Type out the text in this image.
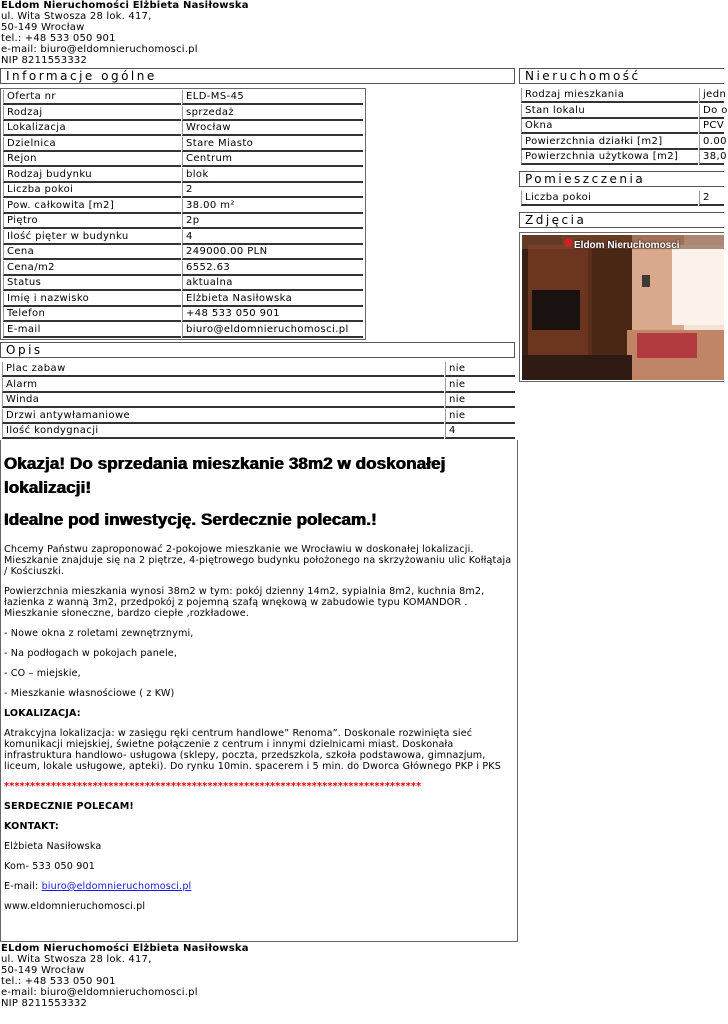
ELdom Nieruchomości Elżbieta Nasiłowska
ul. Wita Stwosza 28 lok. 417,
50-149 Wrocław
tel.: +48 533 050 901
e-mail: biuro@eldomnieruchomosci.pl
NIP 8211553332
Informacje ogólne	Nieruchomość
Pomieszczenia
Zdjęcia
Opis
Oferta nr	ELD-MS-45
Rodzaj	sprzedaż
Lokalizacja	Wrocław
Dzielnica	Stare Miasto
Rejon	Centrum
Rodzaj budynku	blok
Liczba pokoi	2
Pow. całkowita [m2]	38.00 m²
Piętro	2p
Ilość pięter w budynku	4
Cena	249000.00 PLN
Cena/m2	6552.63
Status	aktualna
Imię i nazwisko	Elżbieta Nasiłowska
Telefon	+48 533 050 901
E-mail	biuro@eldomnieruchomosci.pl
Rodzaj mieszkania	jedn
Stan lokalu	Do o
Okna	PCV
Powierzchnia działki [m2]	0.00
Powierzchnia użytkowa [m2]	38,0
Liczba pokoi	2
Eldom Nieruchomosci
Plac zabaw	nie
Alarm	nie
Winda	nie
Drzwi antywłamaniowe	nie
Ilość kondygnacji	4
Okazja! Do sprzedania mieszkanie 38m2 w doskonałej lokalizacji!
Idealne pod inwestycję. Serdecznie polecam.!

Chcemy Państwu zaproponować 2-pokojowe mieszkanie we Wrocławiu w doskonałej lokalizacji. Mieszkanie znajduje się na 2 piętrze, 4-piętrowego budynku położonego na skrzyżowaniu ulic Kołłątaja / Kościuszki.

Powierzchnia mieszkania wynosi 38m2 w tym: pokój dzienny 14m2, sypialnia 8m2, kuchnia 8m2, łazienka z wanną 3m2, przedpokój z pojemną szafą wnękową w zabudowie typu KOMANDOR . Mieszkanie słoneczne, bardzo ciepłe ,rozkładowe.

- Nowe okna z roletami zewnętrznymi,

- Na podłogach w pokojach panele,

- CO – miejskie,

- Mieszkanie własnościowe ( z KW)

LOKALIZACJA:

Atrakcyjna lokalizacja: w zasięgu ręki centrum handlowe” Renoma”. Doskonale rozwinięta sieć komunikacji miejskiej, świetne połączenie z centrum i innymi dzielnicami miast. Doskonała infrastruktura handlowo- usługowa (sklepy, poczta, przedszkola, szkoła podstawowa, gimnazjum, liceum, lokale usługowe, apteki). Do rynku 10min. spacerem i 5 min. do Dworca Głównego PKP i PKS

********************************************************************************

SERDECZNIE POLECAM!

KONTAKT:

Elżbieta Nasiłowska

Kom- 533 050 901

E-mail: biuro@eldomnieruchomosci.pl

www.eldomnieruchomosci.pl

ELdom Nieruchomości Elżbieta Nasiłowska
ul. Wita Stwosza 28 lok. 417,
50-149 Wrocław
tel.: +48 533 050 901
e-mail: biuro@eldomnieruchomosci.pl
NIP 8211553332
